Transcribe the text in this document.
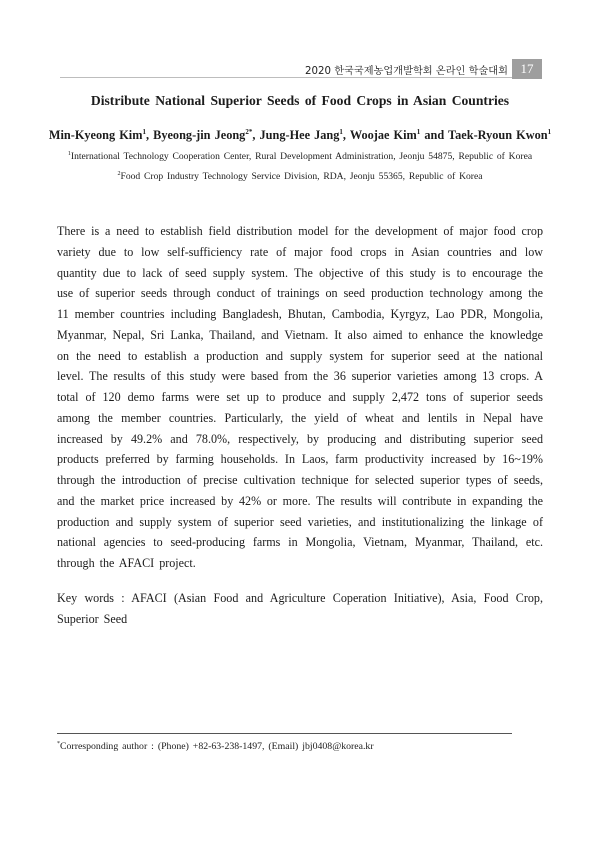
2020 한국국제농업개발학회 온라인 학술대회 17
Distribute National Superior Seeds of Food Crops in Asian Countries
Min-Kyeong Kim$^1$, Byeong-jin Jeong$^{2*}$, Jung-Hee Jang$^1$, Woojae Kim$^1$ and Taek-Ryoun Kwon$^1$
$^1$International Technology Cooperation Center, Rural Development Administration, Jeonju 54875, Republic of Korea
$^2$Food Crop Industry Technology Service Division, RDA, Jeonju 55365, Republic of Korea

There is a need to establish field distribution model for the development of major food crop variety due to low self-sufficiency rate of major food crops in Asian countries and low quantity due to lack of seed supply system. The objective of this study is to encourage the use of superior seeds through conduct of trainings on seed production technology among the 11 member countries including Bangladesh, Bhutan, Cambodia, Kyrgyz, Lao PDR, Mongolia, Myanmar, Nepal, Sri Lanka, Thailand, and Vietnam. It also aimed to enhance the knowledge on the need to establish a production and supply system for superior seed at the national level. The results of this study were based from the 36 superior varieties among 13 crops. A total of 120 demo farms were set up to produce and supply 2,472 tons of superior seeds among the member countries. Particularly, the yield of wheat and lentils in Nepal have increased by 49.2% and 78.0%, respectively, by producing and distributing superior seed products preferred by farming households. In Laos, farm productivity increased by 16~19% through the introduction of precise cultivation technique for selected superior types of seeds, and the market price increased by 42% or more. The results will contribute in expanding the production and supply system of superior seed varieties, and institutionalizing the linkage of national agencies to seed-producing farms in Mongolia, Vietnam, Myanmar, Thailand, etc. through the AFACI project.

Key words : AFACI (Asian Food and Agriculture Coperation Initiative), Asia, Food Crop, Superior Seed

*Corresponding author : (Phone) +82-63-238-1497, (Email) jbj0408@korea.kr
